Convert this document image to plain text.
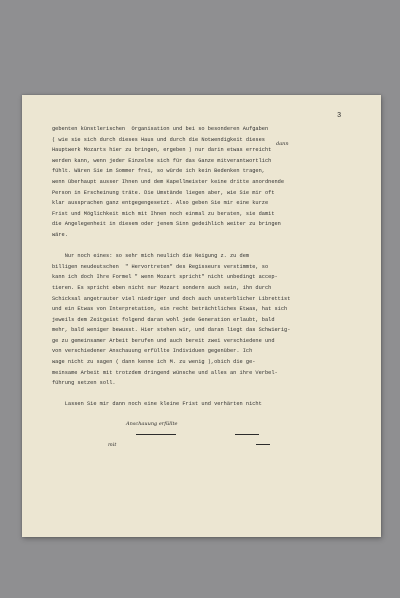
3

gebenten künstlerischen  Organisation und bei so besonderen Aufgaben
( wie sie sich durch dieses Haus und durch die Notwendigkeit dieses
Hauptwerk Mozarts hier zu bringen, ergeben ) nur darin etwas erreicht
werden kann, wenn jeder Einzelne sich für das Ganze mitverantwortlich
fühlt. Wären Sie im Sommer frei, so würde ich kein Bedenken tragen,
wenn überhaupt ausser Ihnen und dem Kapellmeister keine dritte anordnende
Person in Erscheinung träte. Die Umstände liegen aber, wie Sie mir oft
klar aussprachen ganz entgegengesetzt. Also geben Sie mir eine kurze
Frist und Möglichkeit mich mit Ihnen noch einmal zu beraten, sie damit
die Angelegenheit in diesem oder jenem Sinn gedeihlich weiter zu bringen
wäre.
Nur noch eines: so sehr mich neulich die Neigung z. zu dem
billigen neudeutschen  " Hervortreten" des Regisseurs verstimmte, so
kann ich doch Ihre Formel " wenn Mozart spricht" nicht unbedingt accep-
tieren. Es spricht eben nicht nur Mozart sondern auch sein, ihn durch
Schicksal angetrauter viel niedriger und doch auch unsterblicher Librettist
und ein Etwas von Interpretation, ein recht beträchtliches Etwas, hat sich
jeweils dem Zeitgeist folgend daran wohl jede Generation erlaubt, bald
mehr, bald weniger bewusst. Hier stehen wir, und daran liegt das Schwierig-
ge zu gemeinsamer Arbeit berufen und auch bereit zwei verschiedene und
von verschiedener Anschauung erfüllte Individuen gegenüber. Ich
wage nicht zu sagen ( dann kenne ich M. zu wenig ),obich die ge-
meinsame Arbeit mit trotzdem dringend wünsche und alles an ihre Verbel-
führung setzen soll.
Lassen Sie mir dann noch eine kleine Frist und verhärten nicht

dann

Anschauung erfüllte

mit
